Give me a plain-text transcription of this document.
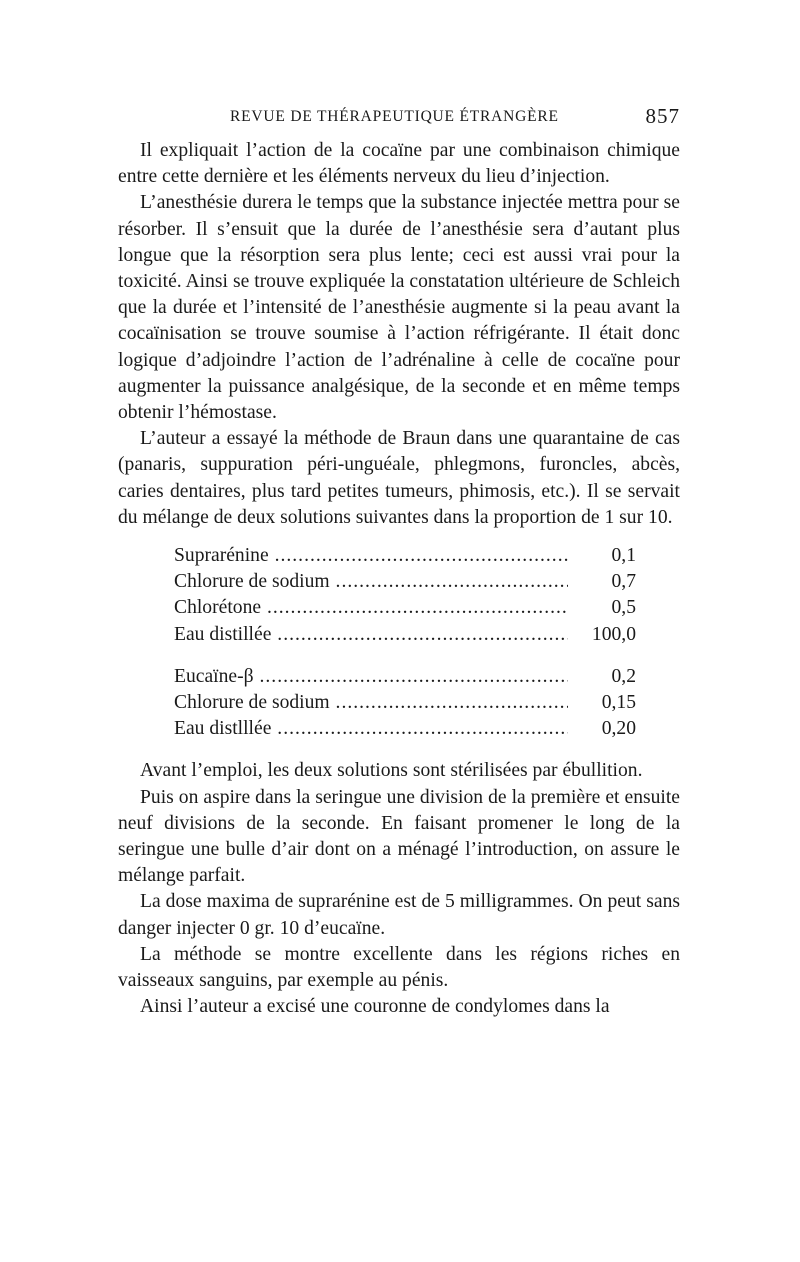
REVUE DE THÉRAPEUTIQUE ÉTRANGÈRE	857

Il expliquait l’action de la cocaïne par une combinaison chimique entre cette dernière et les éléments nerveux du lieu d’injection.

L’anesthésie durera le temps que la substance injectée mettra pour se résorber. Il s’ensuit que la durée de l’anesthésie sera d’autant plus longue que la résorption sera plus lente; ceci est aussi vrai pour la toxicité. Ainsi se trouve expliquée la constatation ultérieure de Schleich que la durée et l’intensité de l’anesthésie augmente si la peau avant la cocaïnisation se trouve soumise à l’action réfrigérante. Il était donc logique d’adjoindre l’action de l’adrénaline à celle de cocaïne pour augmenter la puissance analgésique, de la seconde et en même temps obtenir l’hémostase.

L’auteur a essayé la méthode de Braun dans une quarantaine de cas (panaris, suppuration péri-unguéale, phlegmons, furoncles, abcès, caries dentaires, plus tard petites tumeurs, phimosis, etc.). Il se servait du mélange de deux solutions suivantes dans la proportion de 1 sur 10.

Suprarénine .....	0,1
Chlorure de sodium .....	0,7
Chlorétone .....	0,5
Eau distillée .....	100,0
Eucaïne-β .....	0,2
Chlorure de sodium .....	0,15
Eau distlllée .....	0,20

Avant l’emploi, les deux solutions sont stérilisées par ébullition.

Puis on aspire dans la seringue une division de la première et ensuite neuf divisions de la seconde. En faisant promener le long de la seringue une bulle d’air dont on a ménagé l’introduction, on assure le mélange parfait.

La dose maxima de suprarénine est de 5 milligrammes. On peut sans danger injecter 0 gr. 10 d’eucaïne.

La méthode se montre excellente dans les régions riches en vaisseaux sanguins, par exemple au pénis.

Ainsi l’auteur a excisé une couronne de condylomes dans la
